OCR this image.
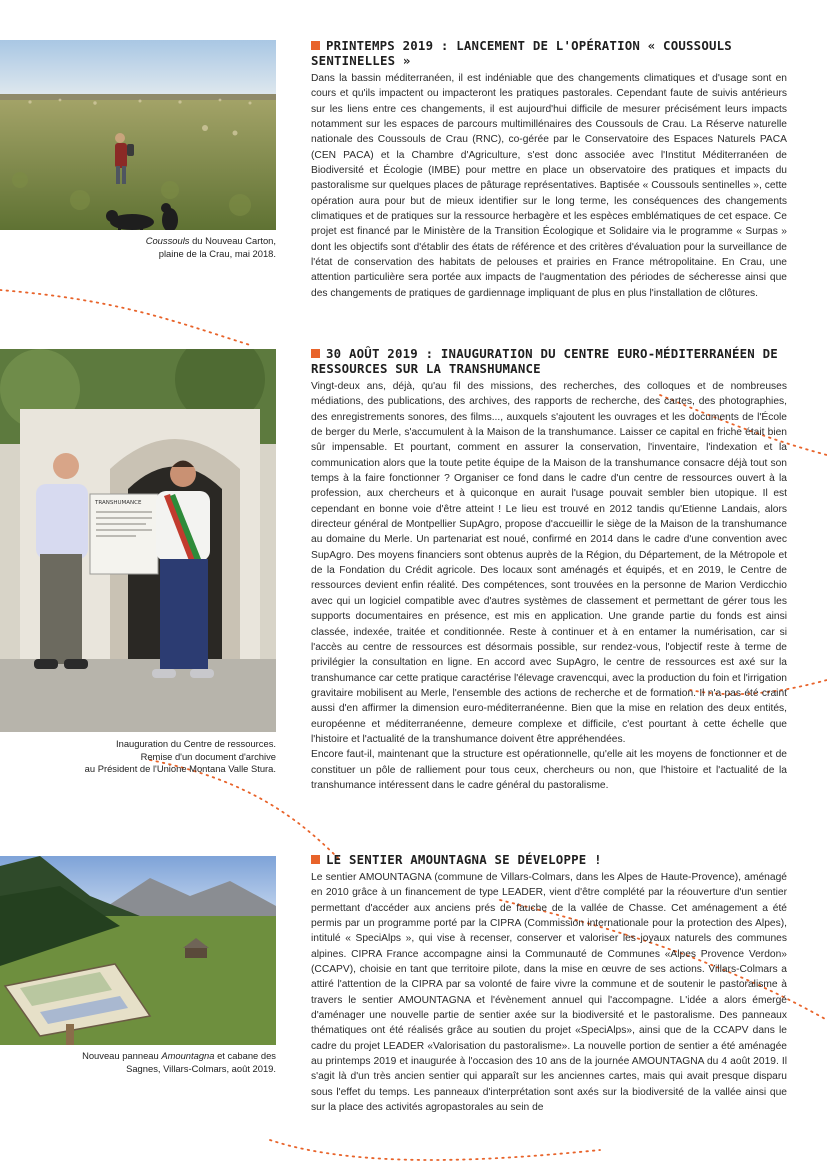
Coussouls du Nouveau Carton,
plaine de la Crau, mai 2018.
TRANSHUMANCE
Inauguration du Centre de ressources.
Remise d'un document d'archive
au Président de l'Unione Montana Valle Stura.
Nouveau panneau Amountagna et cabane des
Sagnes, Villars-Colmars, août 2019.
PRINTEMPS 2019 : LANCEMENT DE L'OPÉRATION « COUSSOULS SENTINELLES »

Dans la bassin méditerranéen, il est indéniable que des changements climatiques et d'usage sont en cours et qu'ils impactent ou impacteront les pratiques pastorales. Cependant faute de suivis antérieurs sur les liens entre ces changements, il est aujourd'hui difficile de mesurer précisément leurs impacts notamment sur les espaces de parcours multimillénaires des Coussouls de Crau. La Réserve naturelle nationale des Coussouls de Crau (RNC), co-gérée par le Conservatoire des Espaces Naturels PACA (CEN PACA) et la Chambre d'Agriculture, s'est donc associée avec l'Institut Méditerranéen de Biodiversité et Écologie (IMBE) pour mettre en place un observatoire des pratiques et impacts du pastoralisme sur quelques places de pâturage représentatives. Baptisée « Coussouls sentinelles », cette opération aura pour but de mieux identifier sur le long terme, les conséquences des changements climatiques et de pratiques sur la ressource herbagère et les espèces emblématiques de cet espace. Ce projet est financé par le Ministère de la Transition Écologique et Solidaire via le programme « Surpas » dont les objectifs sont d'établir des états de référence et des critères d'évaluation pour la surveillance de l'état de conservation des habitats de pelouses et prairies en France métropolitaine. En Crau, une attention particulière sera portée aux impacts de l'augmentation des périodes de sécheresse ainsi que des changements de pratiques de gardiennage impliquant de plus en plus l'installation de clôtures.

30 AOÛT 2019 : INAUGURATION DU CENTRE EURO-MÉDITERRANÉEN DE RESSOURCES SUR LA TRANSHUMANCE

Vingt-deux ans, déjà, qu'au fil des missions, des recherches, des colloques et de nombreuses médiations, des publications, des archives, des rapports de recherche, des cartes, des photographies, des enregistrements sonores, des films..., auxquels s'ajoutent les ouvrages et les documents de l'École de berger du Merle, s'accumulent à la Maison de la transhumance. Laisser ce capital en friche était bien sûr impensable. Et pourtant, comment en assurer la conservation, l'inventaire, l'indexation et la communication alors que la toute petite équipe de la Maison de la transhumance consacre déjà tout son temps à la faire fonctionner ? Organiser ce fond dans le cadre d'un centre de ressources ouvert à la profession, aux chercheurs et à quiconque en aurait l'usage pouvait sembler bien utopique. Il est cependant en bonne voie d'être atteint ! Le lieu est trouvé en 2012 tandis qu'Etienne Landais, alors directeur général de Montpellier SupAgro, propose d'accueillir le siège de la Maison de la transhumance au domaine du Merle. Un partenariat est noué, confirmé en 2014 dans le cadre d'une convention avec SupAgro. Des moyens financiers sont obtenus auprès de la Région, du Département, de la Métropole et de la Fondation du Crédit agricole. Des locaux sont aménagés et équipés, et en 2019, le Centre de ressources devient enfin réalité. Des compétences, sont trouvées en la personne de Marion Verdicchio avec qui un logiciel compatible avec d'autres systèmes de classement et permettant de gérer tous les supports documentaires en présence, est mis en application. Une grande partie du fonds est ainsi classée, indexée, traitée et conditionnée. Reste à continuer et à en entamer la numérisation, car si l'accès au centre de ressources est désormais possible, sur rendez-vous, l'objectif reste à terme de privilégier la consultation en ligne. En accord avec SupAgro, le centre de ressources est axé sur la transhumance car cette pratique caractérise l'élevage cravencqui, avec la production du foin et l'irrigation gravitaire mobilisent au Merle, l'ensemble des actions de recherche et de formation. Il n'a pas été craint aussi d'en affirmer la dimension euro-méditerranéenne. Bien que la mise en relation des deux entités, européenne et méditerranéenne, demeure complexe et difficile, c'est pourtant à cette échelle que l'histoire et l'actualité de la transhumance doivent être appréhendées.
Encore faut-il, maintenant que la structure est opérationnelle, qu'elle ait les moyens de fonctionner et de constituer un pôle de ralliement pour tous ceux, chercheurs ou non, que l'histoire et l'actualité de la transhumance intéressent dans le cadre général du pastoralisme.

LE SENTIER AMOUNTAGNA SE DÉVELOPPE !

Le sentier AMOUNTAGNA (commune de Villars-Colmars, dans les Alpes de Haute-Provence), aménagé en 2010 grâce à un financement de type LEADER, vient d'être complété par la réouverture d'un sentier permettant d'accéder aux anciens prés de fauche de la vallée de Chasse. Cet aménagement a été permis par un programme porté par la CIPRA (Commission internationale pour la protection des Alpes), intitulé « SpeciAlps », qui vise à recenser, conserver et valoriser les joyaux naturels des communes alpines. CIPRA France accompagne ainsi la Communauté de Communes «Alpes Provence Verdon» (CCAPV), choisie en tant que territoire pilote, dans la mise en œuvre de ses actions. Villars-Colmars a attiré l'attention de la CIPRA par sa volonté de faire vivre la commune et de soutenir le pastoralisme à travers le sentier AMOUNTAGNA et l'évènement annuel qui l'accompagne. L'idée a alors émergé d'aménager une nouvelle partie de sentier axée sur la biodiversité et le pastoralisme. Des panneaux thématiques ont été réalisés grâce au soutien du projet «SpeciAlps», ainsi que de la CCAPV dans le cadre du projet LEADER «Valorisation du pastoralisme». La nouvelle portion de sentier a été aménagée au printemps 2019 et inaugurée à l'occasion des 10 ans de la journée AMOUNTAGNA du 4 août 2019. Il s'agit là d'un très ancien sentier qui apparaît sur les anciennes cartes, mais qui avait presque disparu sous l'effet du temps. Les panneaux d'interprétation sont axés sur la biodiversité de la vallée ainsi que sur la place des activités agropastorales au sein de
